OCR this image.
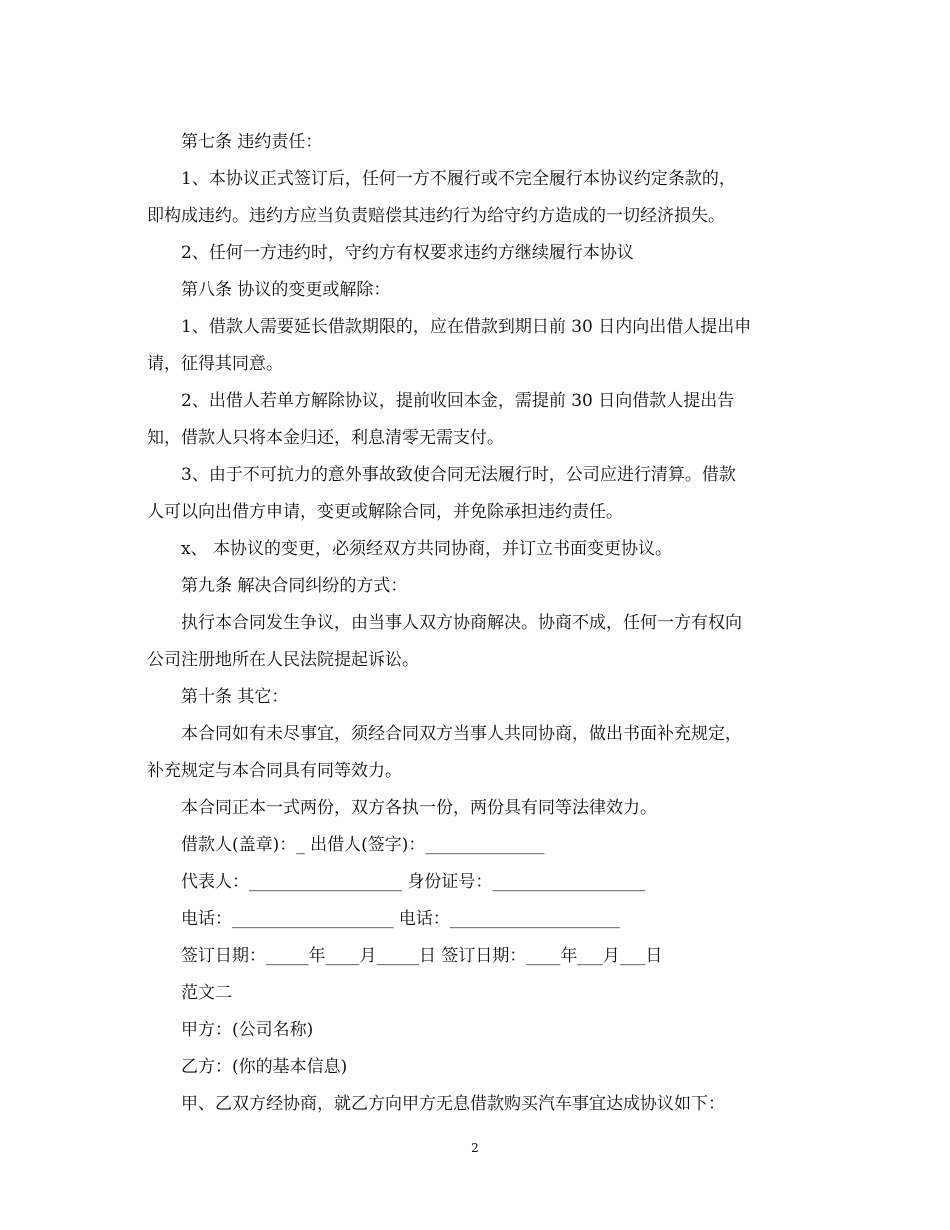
第七条 违约责任：
1、本协议正式签订后，任何一方不履行或不完全履行本协议约定条款的，
即构成违约。违约方应当负责赔偿其违约行为给守约方造成的一切经济损失。
2、任何一方违约时，守约方有权要求违约方继续履行本协议
第八条 协议的变更或解除：
1、借款人需要延长借款期限的，应在借款到期日前 30 日内向出借人提出申
请，征得其同意。
2、出借人若单方解除协议，提前收回本金，需提前 30 日向借款人提出告
知，借款人只将本金归还，利息清零无需支付。
3、由于不可抗力的意外事故致使合同无法履行时，公司应进行清算。借款
人可以向出借方申请，变更或解除合同，并免除承担违约责任。
x、 本协议的变更，必须经双方共同协商，并订立书面变更协议。
第九条 解决合同纠纷的方式：
执行本合同发生争议，由当事人双方协商解决。协商不成，任何一方有权向
公司注册地所在人民法院提起诉讼。
第十条 其它：
本合同如有未尽事宜，须经合同双方当事人共同协商，做出书面补充规定，
补充规定与本合同具有同等效力。
本合同正本一式两份，双方各执一份，两份具有同等法律效力。
借款人(盖章)：_ 出借人(签字)：______________
代表人：__________________ 身份证号：__________________
电话：___________________ 电话：____________________
签订日期：_____年____月_____日 签订日期：____年___月___日
范文二
甲方：(公司名称)
乙方：(你的基本信息)
甲、乙双方经协商，就乙方向甲方无息借款购买汽车事宜达成协议如下：
2
